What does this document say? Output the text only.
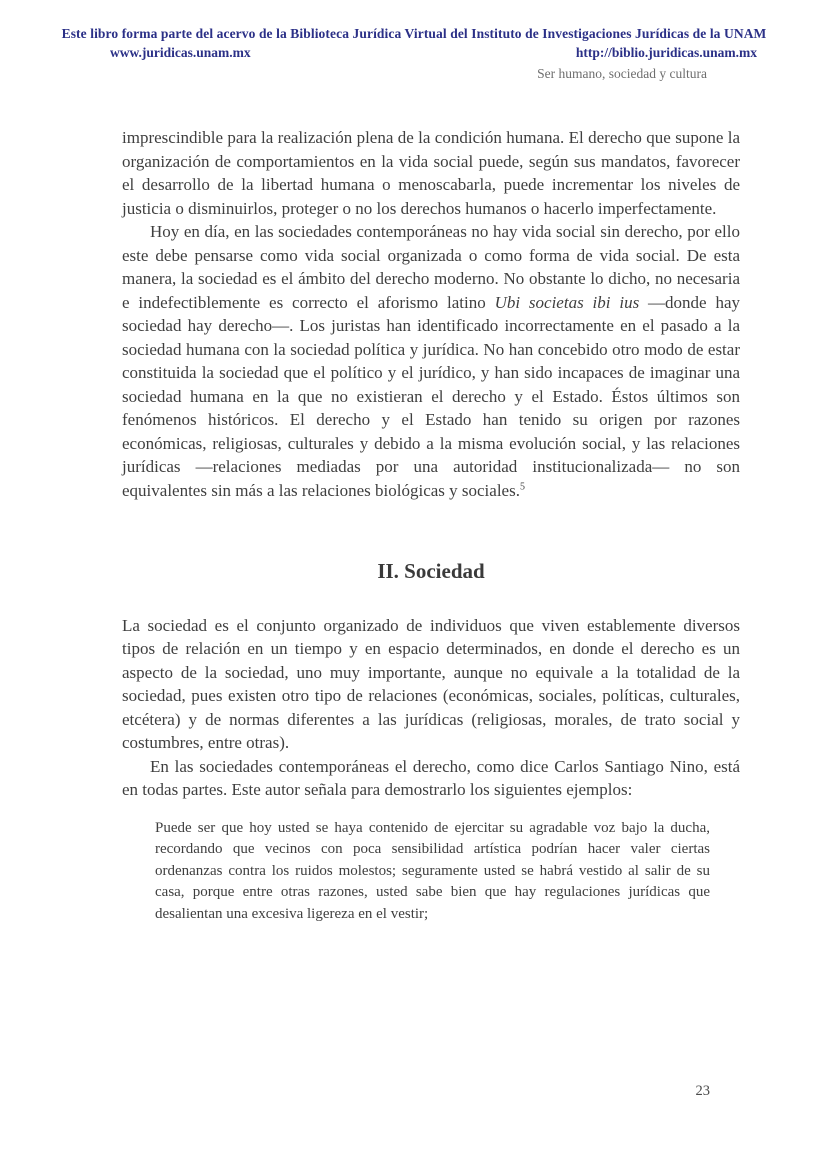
Este libro forma parte del acervo de la Biblioteca Jurídica Virtual del Instituto de Investigaciones Jurídicas de la UNAM
www.juridicas.unam.mx	http://biblio.juridicas.unam.mx
Ser humano, sociedad y cultura

imprescindible para la realización plena de la condición humana. El derecho que supone la organización de comportamientos en la vida social puede, según sus mandatos, favorecer el desarrollo de la libertad humana o menoscabarla, puede incrementar los niveles de justicia o disminuirlos, proteger o no los derechos humanos o hacerlo imperfectamente.

Hoy en día, en las sociedades contemporáneas no hay vida social sin derecho, por ello este debe pensarse como vida social organizada o como forma de vida social. De esta manera, la sociedad es el ámbito del derecho moderno. No obstante lo dicho, no necesaria e indefectiblemente es correcto el aforismo latino Ubi societas ibi ius —donde hay sociedad hay derecho—. Los juristas han identificado incorrectamente en el pasado a la sociedad humana con la sociedad política y jurídica. No han concebido otro modo de estar constituida la sociedad que el político y el jurídico, y han sido incapaces de imaginar una sociedad humana en la que no existieran el derecho y el Estado. Éstos últimos son fenómenos históricos. El derecho y el Estado han tenido su origen por razones económicas, religiosas, culturales y debido a la misma evolución social, y las relaciones jurídicas —relaciones mediadas por una autoridad institucionalizada— no son equivalentes sin más a las relaciones biológicas y sociales.$^5$

II. Sociedad

La sociedad es el conjunto organizado de individuos que viven establemente diversos tipos de relación en un tiempo y en espacio determinados, en donde el derecho es un aspecto de la sociedad, uno muy importante, aunque no equivale a la totalidad de la sociedad, pues existen otro tipo de relaciones (económicas, sociales, políticas, culturales, etcétera) y de normas diferentes a las jurídicas (religiosas, morales, de trato social y costumbres, entre otras).

En las sociedades contemporáneas el derecho, como dice Carlos Santiago Nino, está en todas partes. Este autor señala para demostrarlo los siguientes ejemplos:

Puede ser que hoy usted se haya contenido de ejercitar su agradable voz bajo la ducha, recordando que vecinos con poca sensibilidad artística podrían hacer valer ciertas ordenanzas contra los ruidos molestos; seguramente usted se habrá vestido al salir de su casa, porque entre otras razones, usted sabe bien que hay regulaciones jurídicas que desalientan una excesiva ligereza en el vestir;
23
